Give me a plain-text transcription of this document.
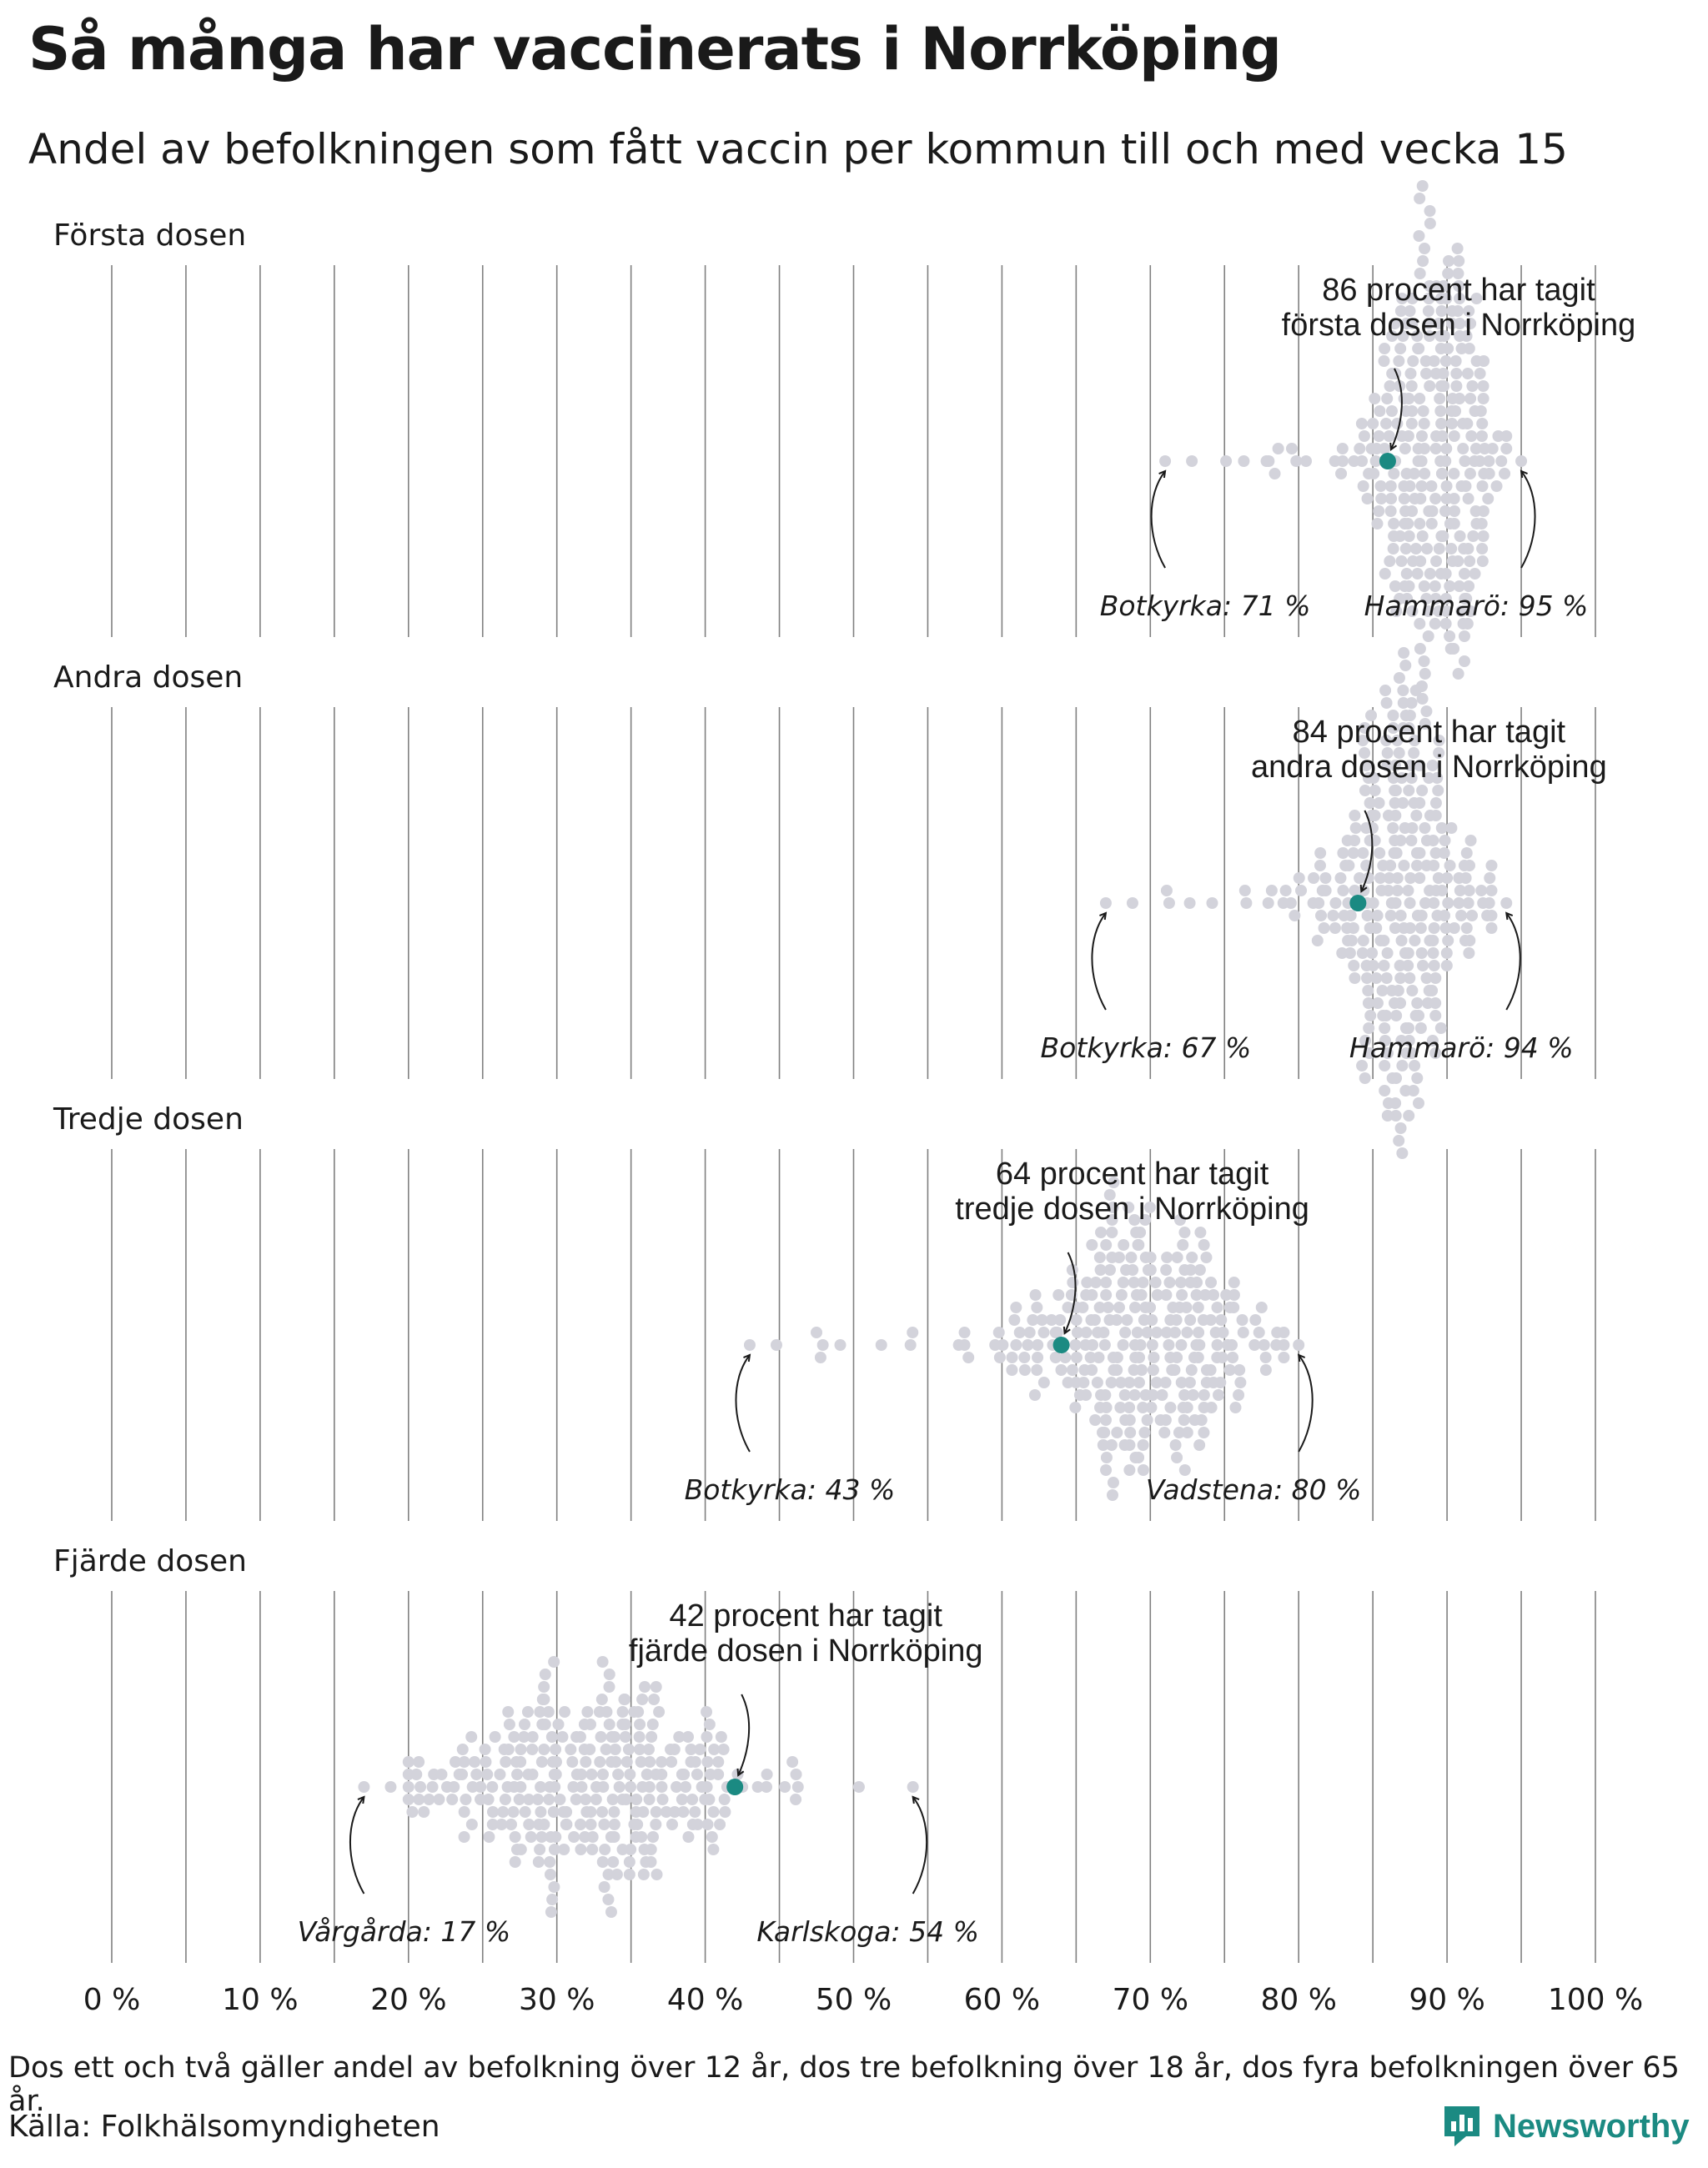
Så många har vaccinerats i Norrköping
Andel av befolkningen som fått vaccin per kommun till och med vecka 15
Första dosen
86 procent har tagit
första dosen i Norrköping
Botkyrka: 71 % Hammarö: 95 %
Andra dosen
84 procent har tagit
andra dosen i Norrköping
Botkyrka: 67 %	Hammarö: 94 %
Tredje dosen
64 procent har tagit
tredje dosen i Norrköping
Botkyrka: 43 %	Vadstena: 80 %
Fjärde dosen
42 procent har tagit
fjärde dosen i Norrköping
Vårgårda: 17 %	Karlskoga: 54 %
0 %	10 % 20 % 30 % 40 % 50 % 60 % 70 % 80 % 90 % 100 %
Dos ett och två gäller andel av befolkning över 12 år, dos tre befolkning över 18 år, dos fyra befolkningen över 65 år.
Källa: Folkhälsomyndigheten	Newsworthy
